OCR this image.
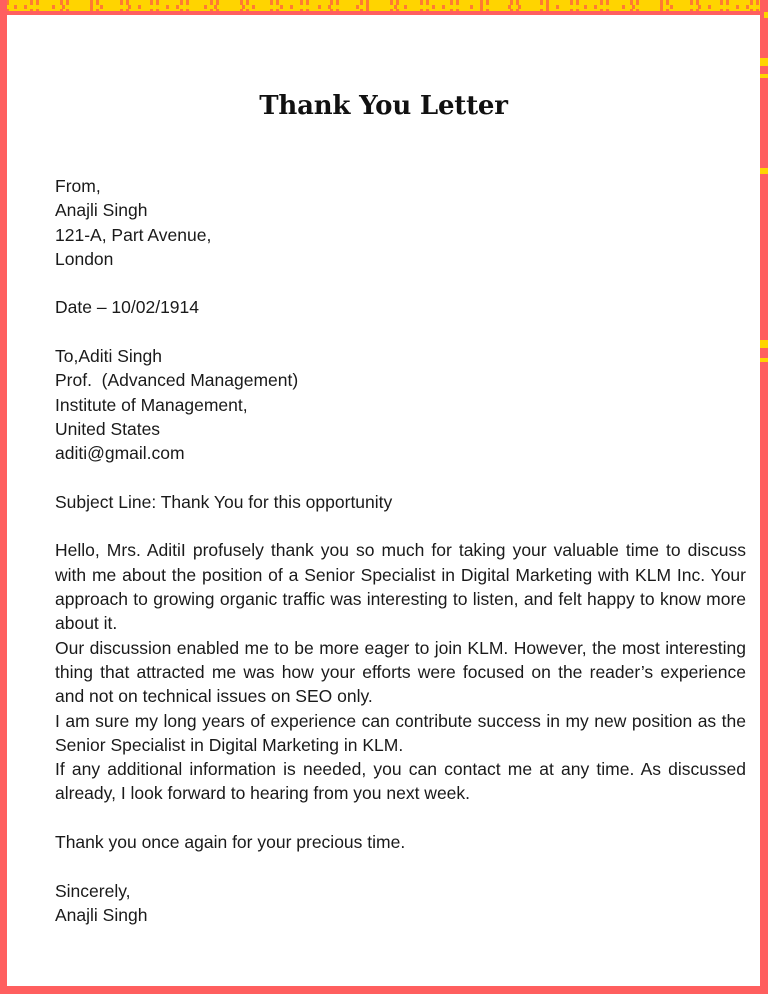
Thank You Letter
From,
Anajli Singh
121-A, Part Avenue,
London
Date – 10/02/1914
To,Aditi Singh
Prof.  (Advanced Management)
Institute of Management,
United States
aditi@gmail.com
Subject Line: Thank You for this opportunity

Hello, Mrs. AditiI profusely thank you so much for taking your valuable time to discuss with me about the position of a Senior Specialist in Digital Marketing with KLM Inc. Your approach to growing organic traffic was interesting to listen, and felt happy to know more about it.

Our discussion enabled me to be more eager to join KLM. However, the most interesting thing that attracted me was how your efforts were focused on the reader’s experience and not on technical issues on SEO only.

I am sure my long years of experience can contribute success in my new position as the Senior Specialist in Digital Marketing in KLM.

If any additional information is needed, you can contact me at any time. As discussed already, I look forward to hearing from you next week.

Thank you once again for your precious time.

Sincerely,
Anajli Singh
